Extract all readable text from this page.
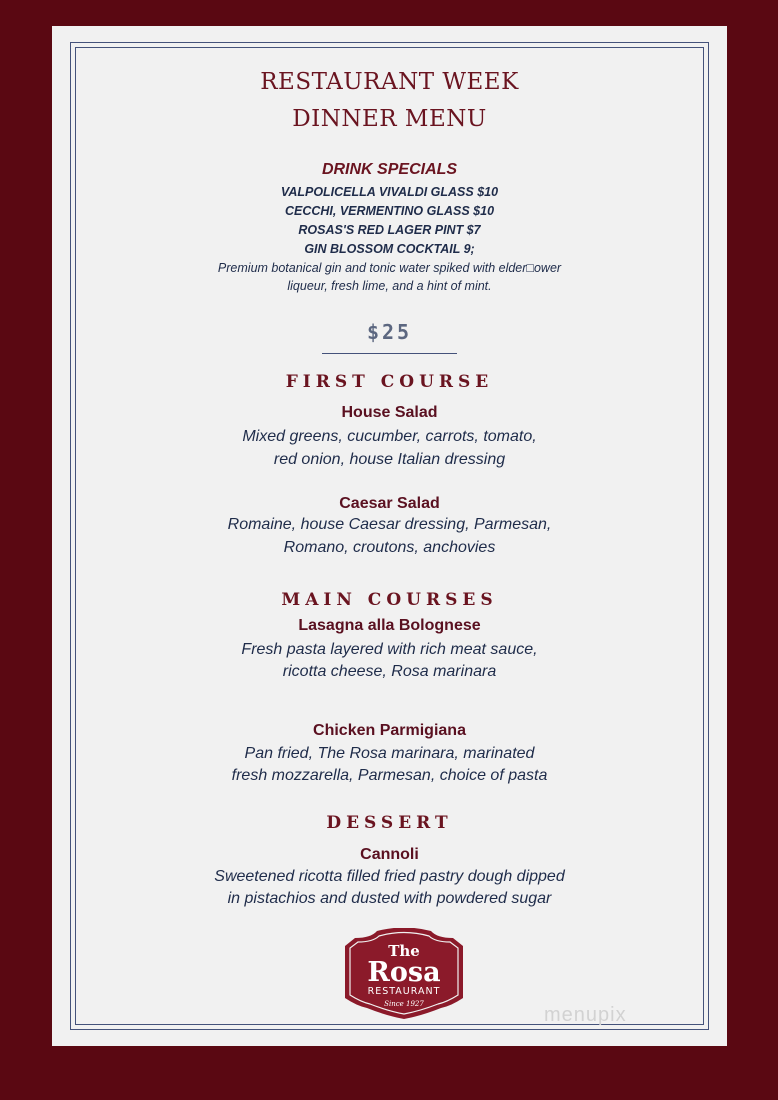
RESTAURANT WEEK
DINNER MENU
DRINK SPECIALS
VALPOLICELLA VIVALDI GLASS $10
CECCHI, VERMENTINO GLASS $10
ROSAS'S RED LAGER PINT $7
GIN BLOSSOM COCKTAIL 9;
Premium botanical gin and tonic water spiked with elder□ower
liqueur, fresh lime, and a hint of mint.
$25
FIRST COURSE
House Salad
Mixed greens, cucumber, carrots, tomato,
red onion, house Italian dressing
Caesar Salad
Romaine, house Caesar dressing, Parmesan,
Romano, croutons, anchovies
MAIN COURSES
Lasagna alla Bolognese
Fresh pasta layered with rich meat sauce,
ricotta cheese, Rosa marinara
Chicken Parmigiana
Pan fried, The Rosa marinara, marinated
fresh mozzarella, Parmesan, choice of pasta
DESSERT
Cannoli
Sweetened ricotta filled fried pastry dough dipped
in pistachios and dusted with powdered sugar
The
Rosa
RESTAURANT
Since 1927	menupix
